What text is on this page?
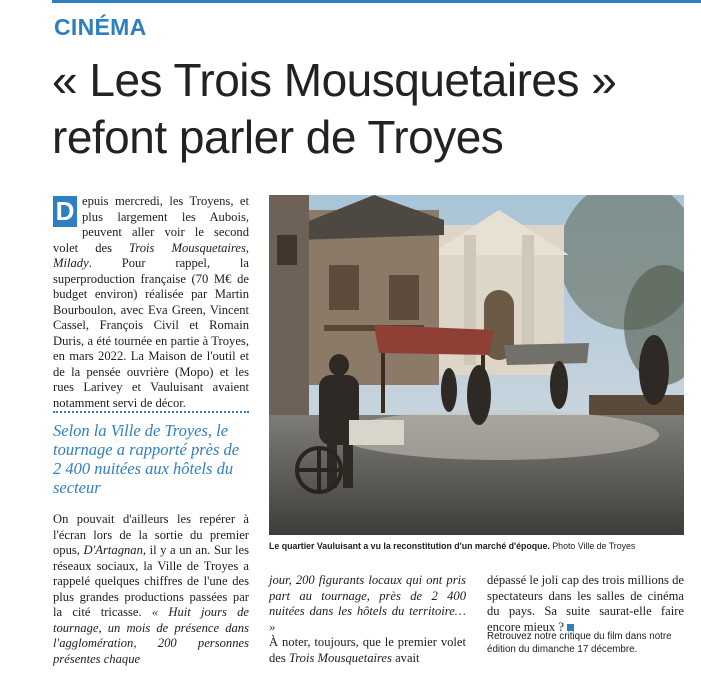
CINÉMA
« Les Trois Mousquetaires »
refont parler de Troyes

D epuis mercredi, les Troyens, et plus largement les Aubois, peuvent aller voir le second volet des Trois Mousquetaires, Milady. Pour rappel, la superproduction française (70 M€ de budget environ) réalisée par Martin Bourboulon, avec Eva Green, Vincent Cassel, François Civil et Romain Duris, a été tournée en partie à Troyes, en mars 2022. La Maison de l'outil et de la pensée ouvrière (Mopo) et les rues Larivey et Vauluisant avaient notamment servi de décor.

Selon la Ville de Troyes, le tournage a rapporté près de 2 400 nuitées aux hôtels du secteur

On pouvait d'ailleurs les repérer à l'écran lors de la sortie du premier opus, D'Artagnan, il y a un an. Sur les réseaux sociaux, la Ville de Troyes a rappelé quelques chiffres de l'une des plus grandes productions passées par la cité tricasse. « Huit jours de tournage, un mois de présence dans l'agglomération, 200 personnes présentes chaque

Le quartier Vauluisant a vu la reconstitution d'un marché d'époque. Photo Ville de Troyes

jour, 200 figurants locaux qui ont pris part au tournage, près de 2 400 nuitées dans les hôtels du territoire… »
À noter, toujours, que le premier volet des Trois Mousquetaires avait

dépassé le joli cap des trois millions de spectateurs dans les salles de cinéma du pays. Sa suite saurat-elle faire encore mieux ?

Retrouvez notre critique du film dans notre édition du dimanche 17 décembre.
